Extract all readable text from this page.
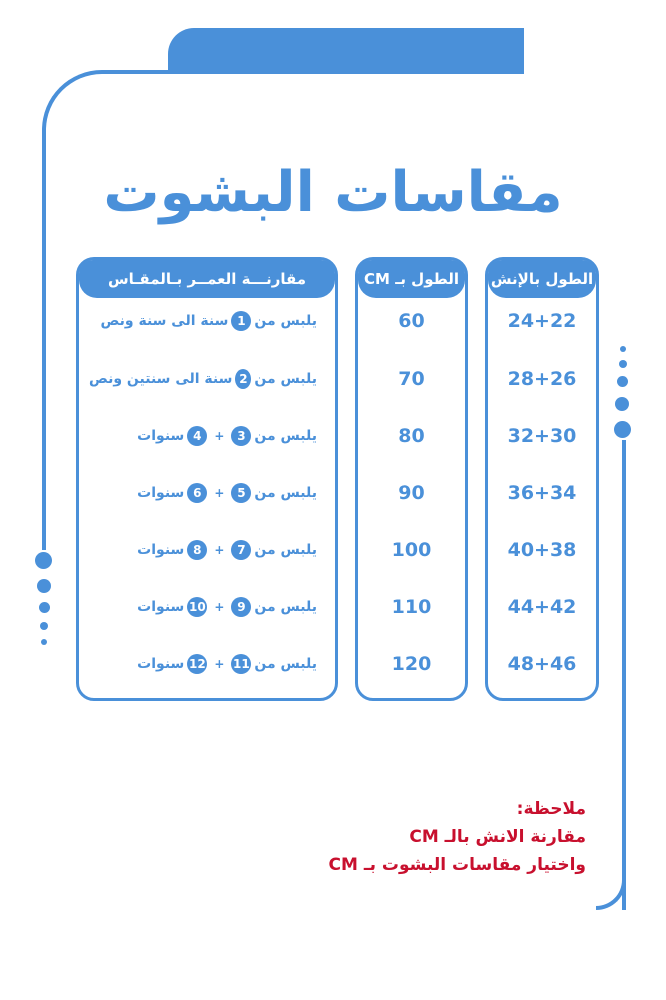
مقاسات البشوت
الطول بالإنش
24+22
28+26
32+30
36+34
40+38
44+42
48+46
الطول بـ CM
60
70
80
90
100
110
120
مقارنـــة العمــر بـالمقـاس
يلبس من
1
سنة الى سنة ونص
يلبس من
2
سنة الى سنتين ونص
يلبس من
3
+
4
سنوات
يلبس من
5
+
6
سنوات
يلبس من
7
+
8
سنوات
يلبس من
9
+
10
سنوات
يلبس من
11
+
12
سنوات
ملاحظة:
مقارنة الانش بالـ CM
واختيار مقاسات البشوت بـ CM
